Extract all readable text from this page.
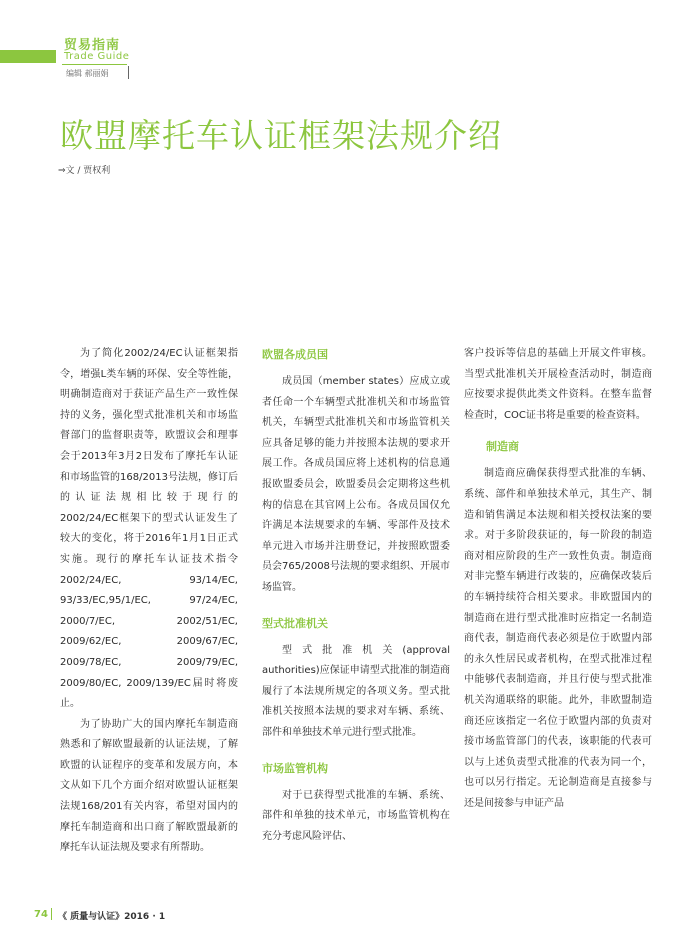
贸易指南
Trade Guide
编辑 郝丽娟
欧盟摩托车认证框架法规介绍
⇒文 / 贾权利

为了简化2002/24/EC认证框架指令，增强L类车辆的环保、安全等性能，明确制造商对于获证产品生产一致性保持的义务，强化型式批准机关和市场监督部门的监督职责等，欧盟议会和理事会于2013年3月2日发布了摩托车认证和市场监管的168/2013号法规，修订后的认证法规相比较于现行的2002/24/EC框架下的型式认证发生了较大的变化，将于2016年1月1日正式实施。现行的摩托车认证技术指令2002/24/EC, 93/14/EC, 93/33/EC,95/1/EC, 97/24/EC, 2000/7/EC, 2002/51/EC, 2009/62/EC, 2009/67/EC, 2009/78/EC, 2009/79/EC, 2009/80/EC, 2009/139/EC届时将废止。

为了协助广大的国内摩托车制造商熟悉和了解欧盟最新的认证法规，了解欧盟的认证程序的变革和发展方向，本文从如下几个方面介绍对欧盟认证框架法规168/201有关内容，希望对国内的摩托车制造商和出口商了解欧盟最新的摩托车认证法规及要求有所帮助。

欧盟各成员国

成员国（member states）应成立或者任命一个车辆型式批准机关和市场监管机关，车辆型式批准机关和市场监管机关应具备足够的能力并按照本法规的要求开展工作。各成员国应将上述机构的信息通报欧盟委员会，欧盟委员会定期将这些机构的信息在其官网上公布。各成员国仅允许满足本法规要求的车辆、零部件及技术单元进入市场并注册登记，并按照欧盟委员会765/2008号法规的要求组织、开展市场监管。

型式批准机关

型式批准机关(approval authorities)应保证申请型式批准的制造商履行了本法规所规定的各项义务。型式批准机关按照本法规的要求对车辆、系统、部件和单独技术单元进行型式批准。

市场监管机构

对于已获得型式批准的车辆、系统、部件和单独的技术单元，市场监管机构在充分考虑风险评估、

客户投诉等信息的基础上开展文件审核。当型式批准机关开展检查活动时，制造商应按要求提供此类文件资料。在整车监督检查时，COC证书将是重要的检查资料。

制造商

制造商应确保获得型式批准的车辆、系统、部件和单独技术单元，其生产、制造和销售满足本法规和相关授权法案的要求。对于多阶段获证的，每一阶段的制造商对相应阶段的生产一致性负责。制造商对非完整车辆进行改装的，应确保改装后的车辆持续符合相关要求。非欧盟国内的制造商在进行型式批准时应指定一名制造商代表，制造商代表必须是位于欧盟内部的永久性居民或者机构，在型式批准过程中能够代表制造商，并且行使与型式批准机关沟通联络的职能。此外，非欧盟制造商还应该指定一名位于欧盟内部的负责对接市场监管部门的代表，该职能的代表可以与上述负责型式批准的代表为同一个，也可以另行指定。无论制造商是直接参与还是间接参与申证产品

74 《 质量与认证》2016 · 1
